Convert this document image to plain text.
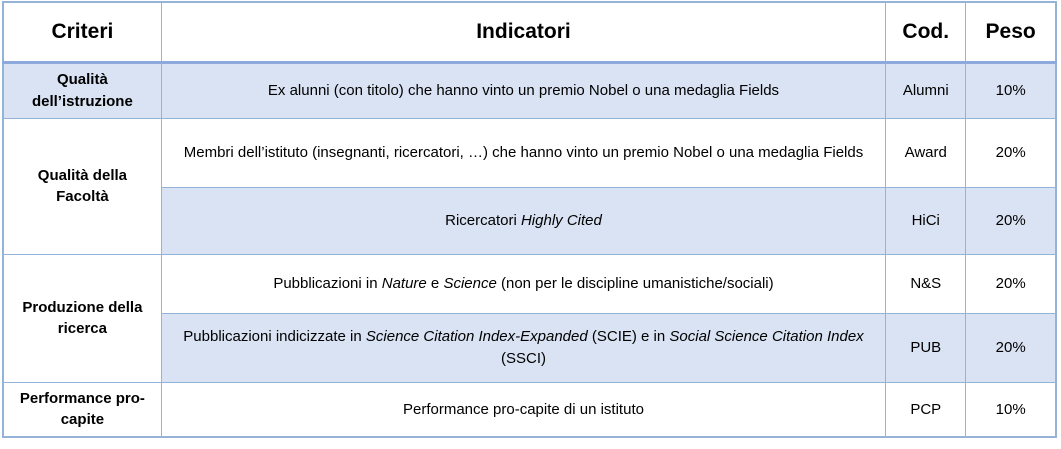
Criteri	Indicatori	Cod.	Peso
Qualità dell’istruzione	Ex alunni (con titolo) che hanno vinto un premio Nobel o una medaglia Fields	Alumni	10%
Qualità della Facoltà	Membri dell’istituto (insegnanti, ricercatori, …) che hanno vinto un premio Nobel o una medaglia Fields	Award	20%
	Ricercatori Highly Cited	HiCi	20%
Produzione della ricerca	Pubblicazioni in Nature e Science (non per le discipline umanistiche/sociali)	N&S	20%
	Pubblicazioni indicizzate in Science Citation Index-Expanded (SCIE) e in Social Science Citation Index (SSCI)	PUB	20%
Performance pro-capite	Performance pro-capite di un istituto	PCP	10%
